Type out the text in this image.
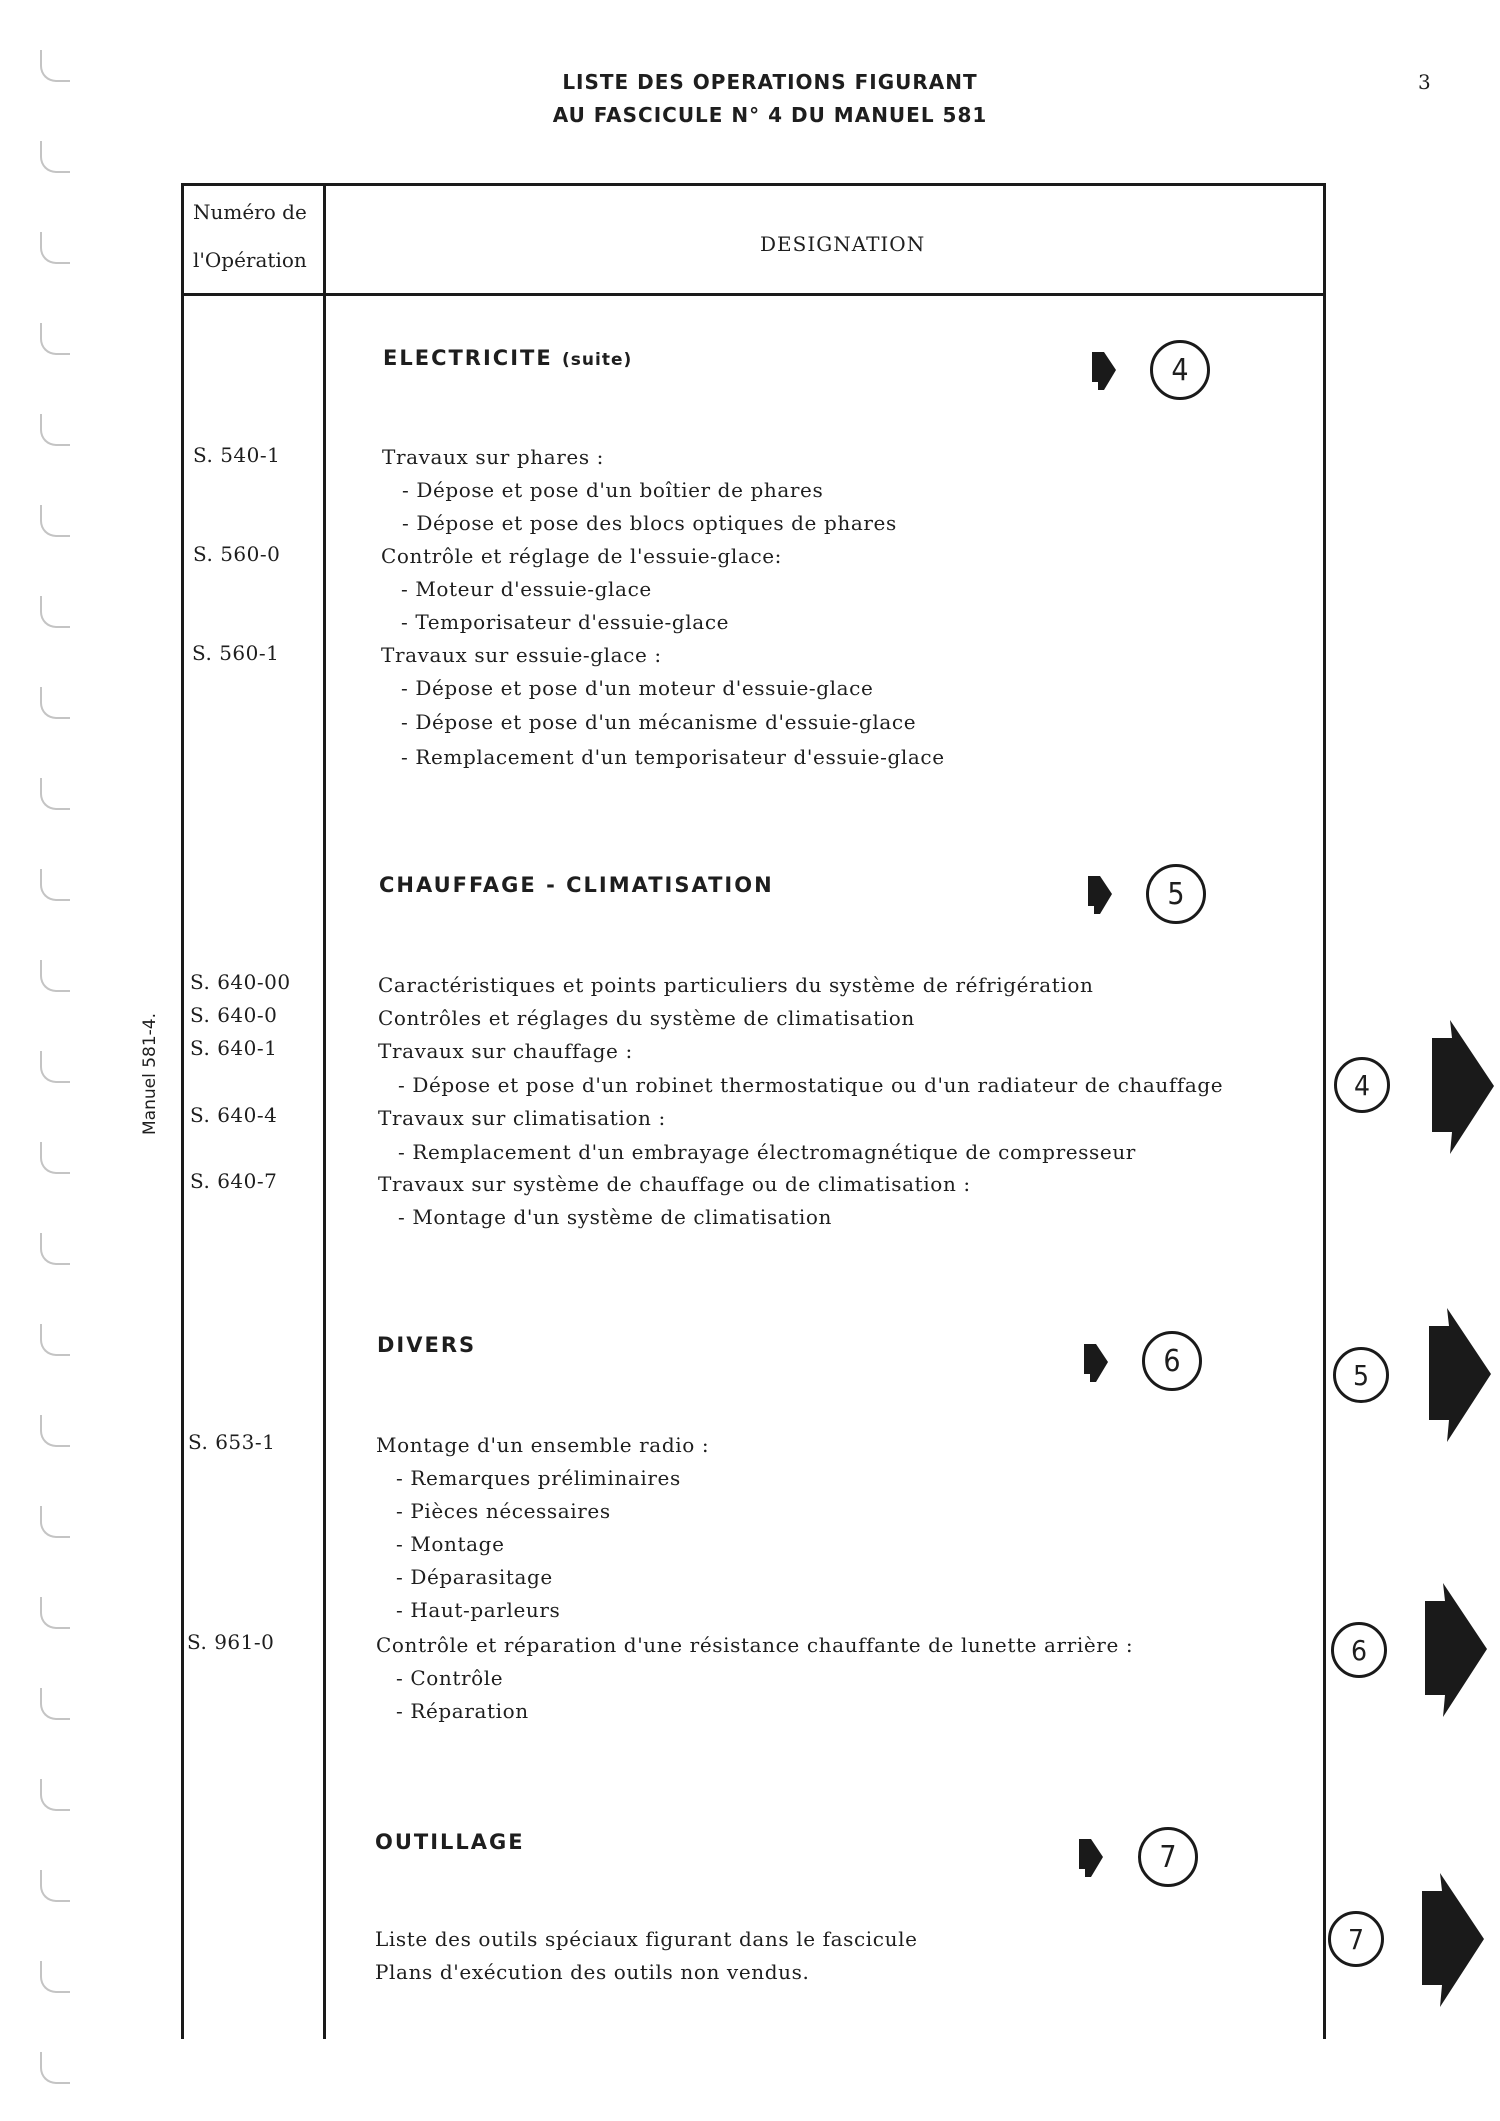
LISTE DES OPERATIONS FIGURANT
AU FASCICULE N° 4 DU MANUEL 581
3
Manuel 581-4.
Numéro de
l'Opération
DESIGNATION
ELECTRICITE (suite)
CHAUFFAGE - CLIMATISATION
DIVERS
OUTILLAGE
4
5
6
7
S. 540-1	Travaux sur phares :
- Dépose et pose d'un boîtier de phares
- Dépose et pose des blocs optiques de phares
S. 560-0	Contrôle et réglage de l'essuie-glace:
- Moteur d'essuie-glace
- Temporisateur d'essuie-glace
S. 560-1	Travaux sur essuie-glace :
- Dépose et pose d'un moteur d'essuie-glace
- Dépose et pose d'un mécanisme d'essuie-glace
- Remplacement d'un temporisateur d'essuie-glace
S. 640-00	Caractéristiques et points particuliers du système de réfrigération
S. 640-0	Contrôles et réglages du système de climatisation
S. 640-1	Travaux sur chauffage :
- Dépose et pose d'un robinet thermostatique ou d'un radiateur de chauffage
S. 640-4	Travaux sur climatisation :
- Remplacement d'un embrayage électromagnétique de compresseur
S. 640-7	Travaux sur système de chauffage ou de climatisation :
- Montage d'un système de climatisation
S. 653-1	Montage d'un ensemble radio :
- Remarques préliminaires
- Pièces nécessaires
- Montage
- Déparasitage
- Haut-parleurs
S. 961-0	Contrôle et réparation d'une résistance chauffante de lunette arrière :
- Contrôle
- Réparation
Liste des outils spéciaux figurant dans le fascicule
Plans d'exécution des outils non vendus.
4
5
6
7
